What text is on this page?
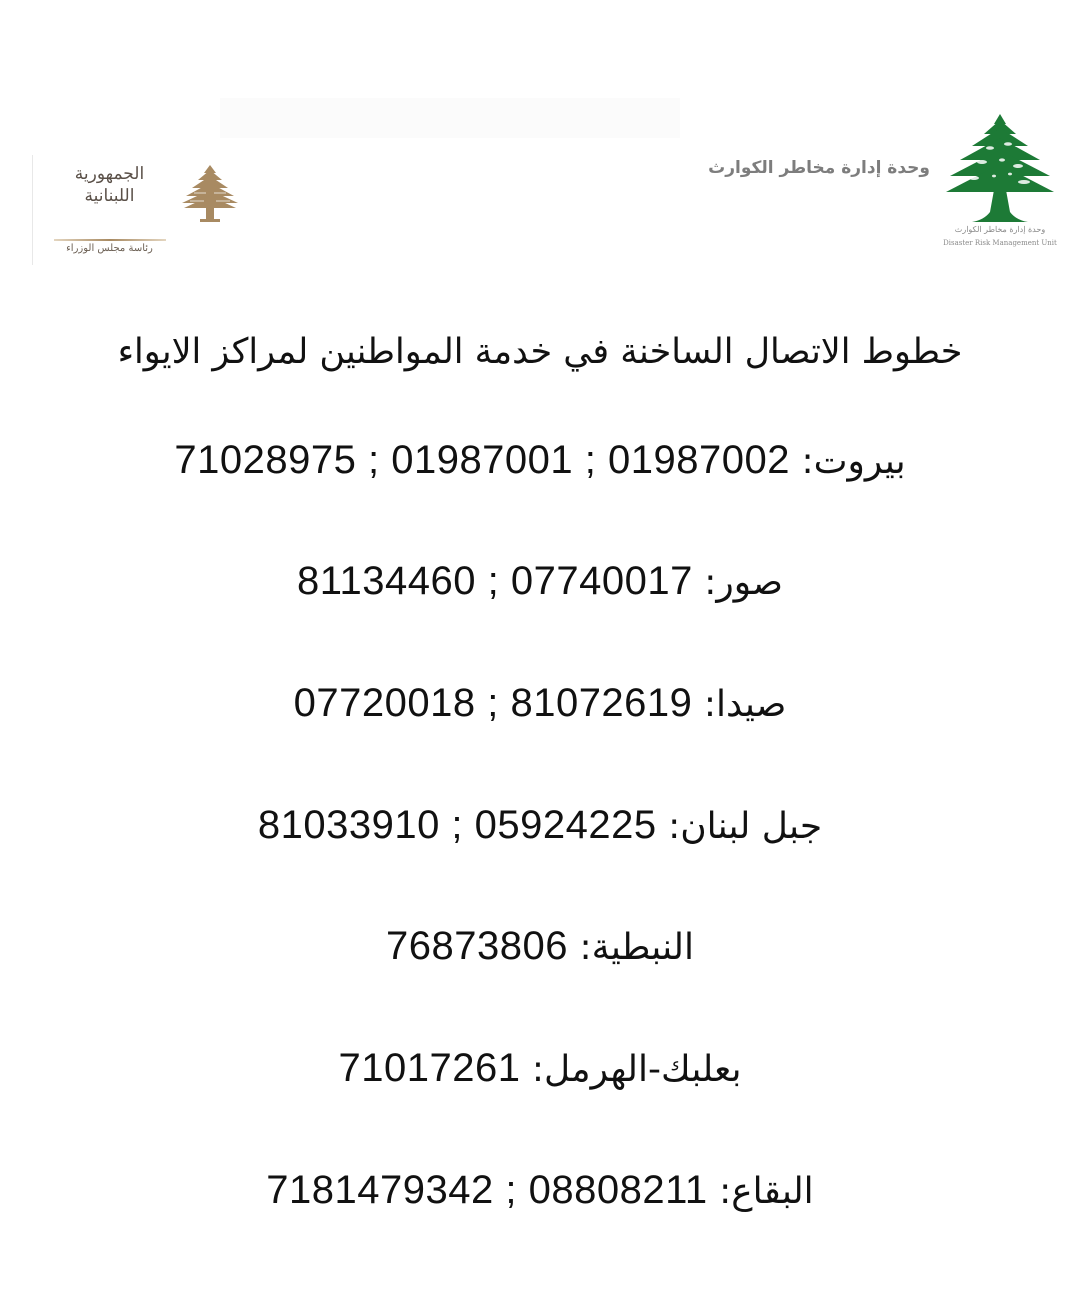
الجمهورية
اللبنانية
رئاسة مجلس الوزراء
وحدة إدارة مخاطر الكوارث
وحدة إدارة مخاطر الكوارث
Disaster Risk Management Unit
خطوط الاتصال الساخنة في خدمة المواطنين لمراكز الايواء
بيروت: 71028975 ; 01987001 ; 01987002
صور: 81134460 ; 07740017
صيدا: 07720018 ; 81072619
جبل لبنان: 81033910 ; 05924225
النبطية: 76873806
بعلبك-الهرمل: 71017261
البقاع: 7181479342 ; 08808211
